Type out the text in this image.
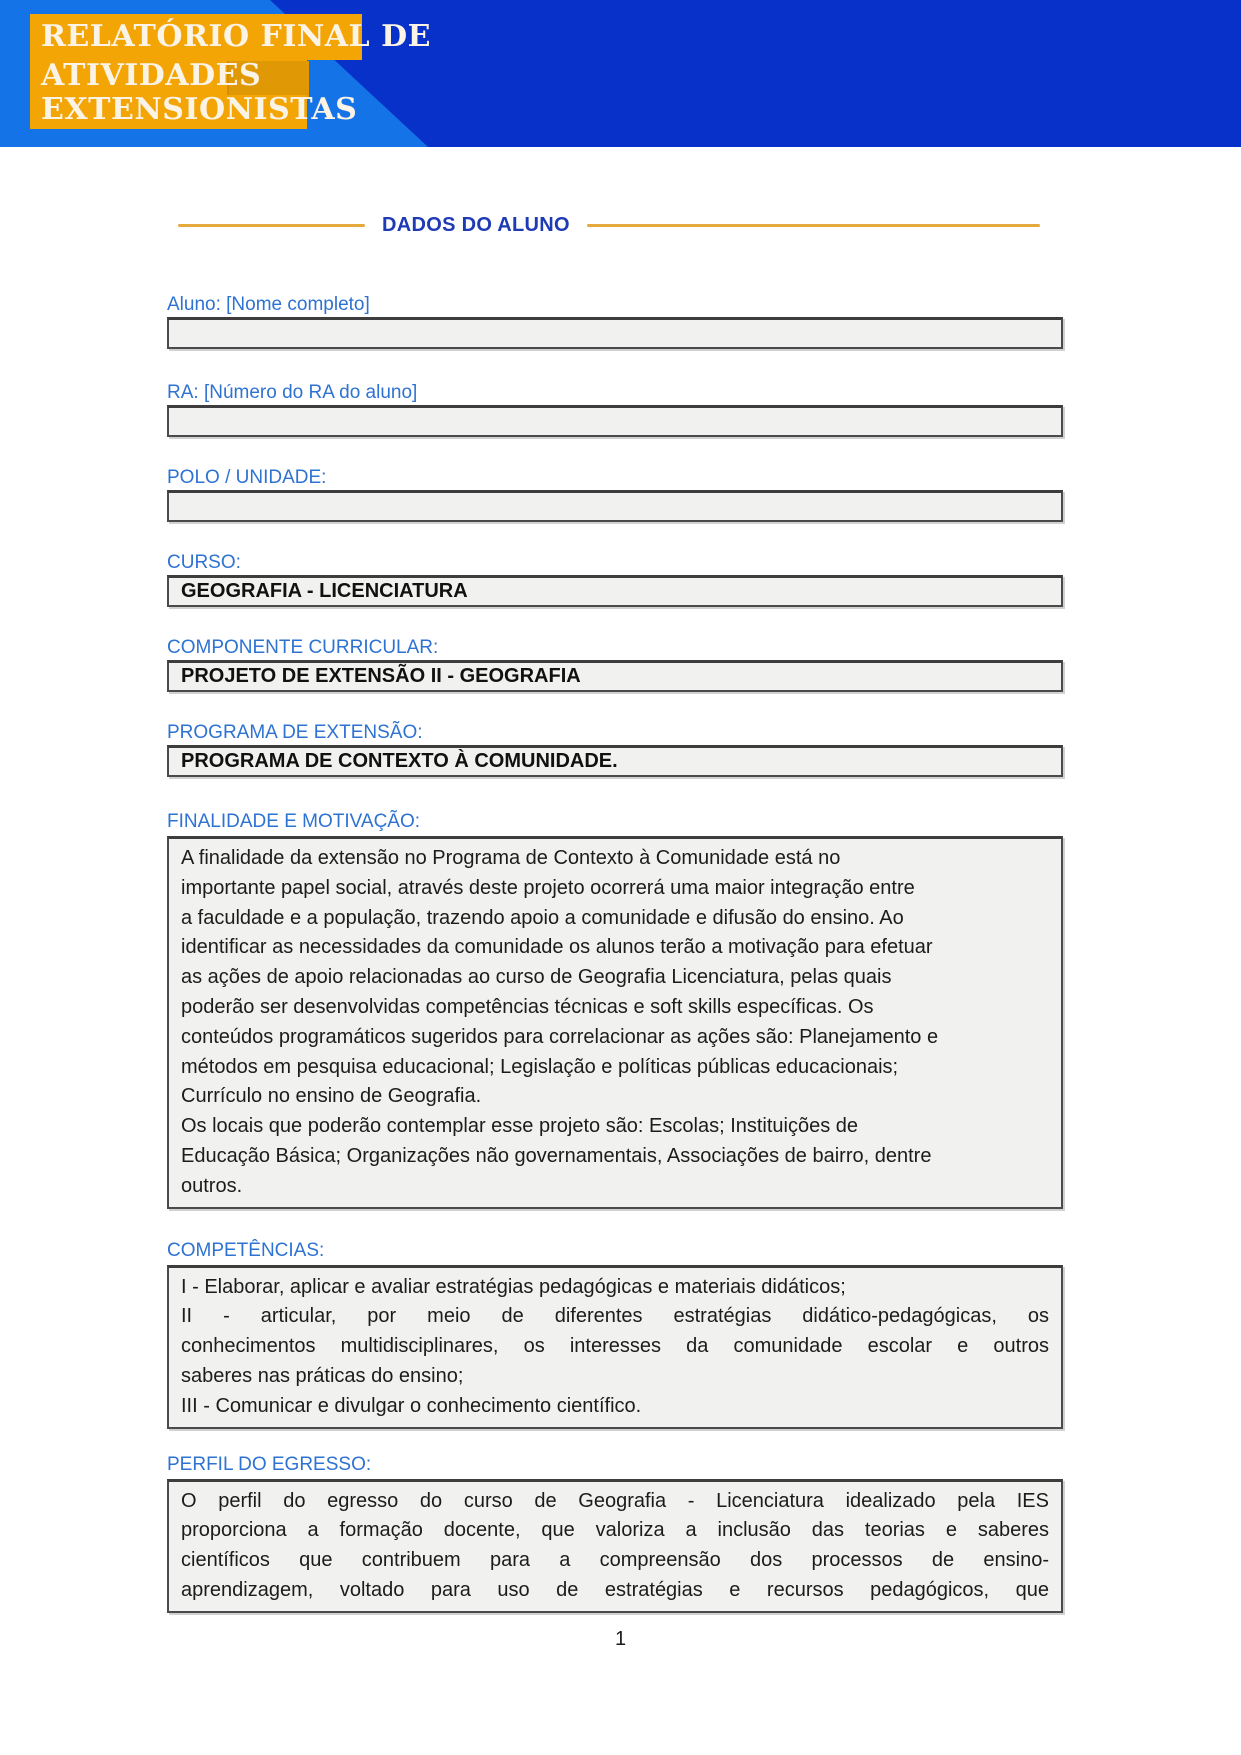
RELATÓRIO FINAL DE
ATIVIDADES
EXTENSIONISTAS
DADOS DO ALUNO
Aluno: [Nome completo]
RA: [Número do RA do aluno]
POLO / UNIDADE:
CURSO:
GEOGRAFIA - LICENCIATURA
COMPONENTE CURRICULAR:
PROJETO DE EXTENSÃO II - GEOGRAFIA
PROGRAMA DE EXTENSÃO:
PROGRAMA DE CONTEXTO À COMUNIDADE.
FINALIDADE E MOTIVAÇÃO:
A finalidade da extensão no Programa de Contexto à Comunidade está no
importante papel social, através deste projeto ocorrerá uma maior integração entre
a faculdade e a população, trazendo apoio a comunidade e difusão do ensino. Ao
identificar as necessidades da comunidade os alunos terão a motivação para efetuar
as ações de apoio relacionadas ao curso de Geografia Licenciatura, pelas quais
poderão ser desenvolvidas competências técnicas e soft skills específicas. Os
conteúdos programáticos sugeridos para correlacionar as ações são: Planejamento e
métodos em pesquisa educacional; Legislação e políticas públicas educacionais;
Currículo no ensino de Geografia.
Os locais que poderão contemplar esse projeto são: Escolas; Instituições de
Educação Básica; Organizações não governamentais, Associações de bairro, dentre
outros.
COMPETÊNCIAS:
I - Elaborar, aplicar e avaliar estratégias pedagógicas e materiais didáticos;
II - articular, por meio de diferentes estratégias didático-pedagógicas, os
conhecimentos multidisciplinares, os interesses da comunidade escolar e outros
saberes nas práticas do ensino;
III - Comunicar e divulgar o conhecimento científico.
PERFIL DO EGRESSO:
O perfil do egresso do curso de Geografia - Licenciatura idealizado pela IES
proporciona a formação docente, que valoriza a inclusão das teorias e saberes
científicos que contribuem para a compreensão dos processos de ensino-
aprendizagem, voltado para uso de estratégias e recursos pedagógicos, que
1
